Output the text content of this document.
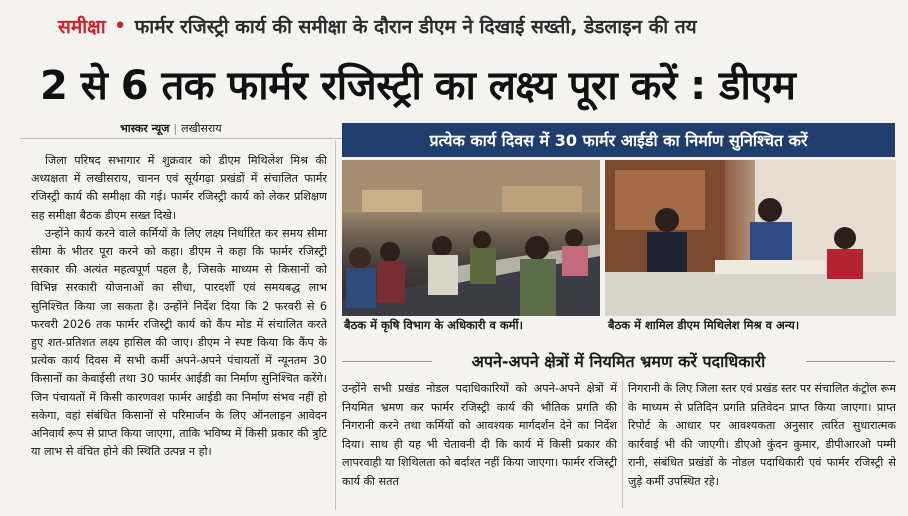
समीक्षा • फार्मर रजिस्ट्री कार्य की समीक्षा के दौरान डीएम ने दिखाई सख्ती, डेडलाइन की तय
2 से 6 तक फार्मर रजिस्ट्री का लक्ष्य पूरा करें : डीएम
भास्कर न्यूज | लखीसराय

जिला परिषद सभागार में शुक्रवार को डीएम मिथिलेश मिश्र की अध्यक्षता में लखीसराय, चानन एवं सूर्यगढ़ा प्रखंडों में संचालित फार्मर रजिस्ट्री कार्य की समीक्षा की गई। फार्मर रजिस्ट्री कार्य को लेकर प्रशिक्षण सह समीक्षा बैठक डीएम सख्त दिखे।

उन्होंने कार्य करने वाले कर्मियों के लिए लक्ष्य निर्धारित कर समय सीमा सीमा के भीतर पूरा करने को कहा। डीएम ने कहा कि फार्मर रजिस्ट्री सरकार की अत्यंत महत्वपूर्ण पहल है, जिसके माध्यम से किसानों को विभिन्न सरकारी योजनाओं का सीधा, पारदर्शी एवं समयबद्ध लाभ सुनिश्चित किया जा सकता है। उन्होंने निर्देश दिया कि 2 फरवरी से 6 फरवरी 2026 तक फार्मर रजिस्ट्री कार्य को कैंप मोड में संचालित करते हुए शत-प्रतिशत लक्ष्य हासिल की जाए। डीएम ने स्पष्ट किया कि कैंप के प्रत्येक कार्य दिवस में सभी कर्मी अपने-अपने पंचायतों में न्यूनतम 30 किसानों का केवाईसी तथा 30 फार्मर आईडी का निर्माण सुनिश्चित करेंगे। जिन पंचायतों में किसी कारणवश फार्मर आईडी का निर्माण संभव नहीं हो सकेगा, वहां संबंधित किसानों से परिमार्जन के लिए ऑनलाइन आवेदन अनिवार्य रूप से प्राप्त किया जाएगा, ताकि भविष्य में किसी प्रकार की त्रुटि या लाभ से वंचित होने की स्थिति उत्पन्न न हो।

प्रत्येक कार्य दिवस में 30 फार्मर आईडी का निर्माण सुनिश्चित करें
बैठक में कृषि विभाग के अधिकारी व कर्मी।	बैठक में शामिल डीएम मिथिलेश मिश्र व अन्य।
अपने-अपने क्षेत्रों में नियमित भ्रमण करें पदाधिकारी

उन्होंने सभी प्रखंड नोडल पदाधिकारियों को अपने-अपने क्षेत्रों में नियमित भ्रमण कर फार्मर रजिस्ट्री कार्य की भौतिक प्रगति की निगरानी करने तथा कर्मियों को आवश्यक मार्गदर्शन देने का निर्देश दिया। साथ ही यह भी चेतावनी दी कि कार्य में किसी प्रकार की लापरवाही या शिथिलता को बर्दाश्त नहीं किया जाएगा। फार्मर रजिस्ट्री कार्य की सतत

निगरानी के लिए जिला स्तर एवं प्रखंड स्तर पर संचालित कंट्रोल रूम के माध्यम से प्रतिदिन प्रगति प्रतिवेदन प्राप्त किया जाएगा। प्राप्त रिपोर्ट के आधार पर आवश्यकता अनुसार त्वरित सुधारात्मक कार्रवाई भी की जाएगी। डीएओ कुंदन कुमार, डीपीआरओ पम्मी रानी, संबंधित प्रखंडों के नोडल पदाधिकारी एवं फार्मर रजिस्ट्री से जुड़े कर्मी उपस्थित रहे।
